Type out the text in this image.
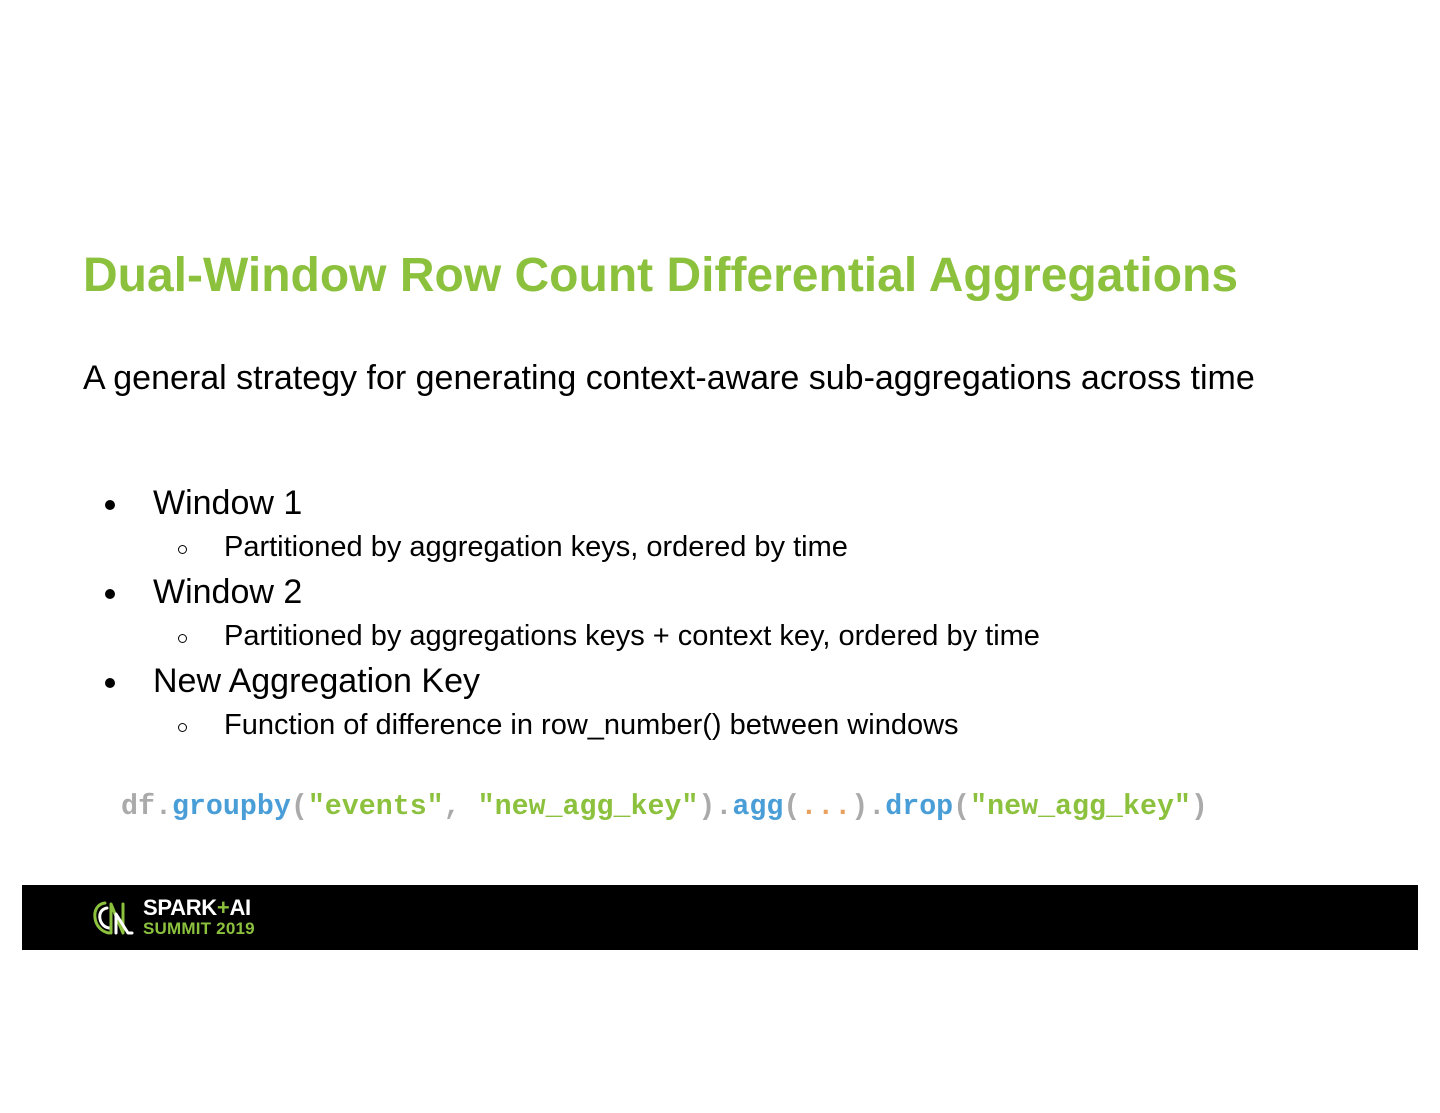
Dual-Window Row Count Differential Aggregations

A general strategy for generating context-aware sub-aggregations across time

Window 1
Partitioned by aggregation keys, ordered by time
Window 2
Partitioned by aggregations keys + context key, ordered by time
New Aggregation Key
Function of difference in row_number() between windows
df.groupby("events", "new_agg_key").agg(...).drop("new_agg_key")
SPARK+AI
SUMMIT 2019
